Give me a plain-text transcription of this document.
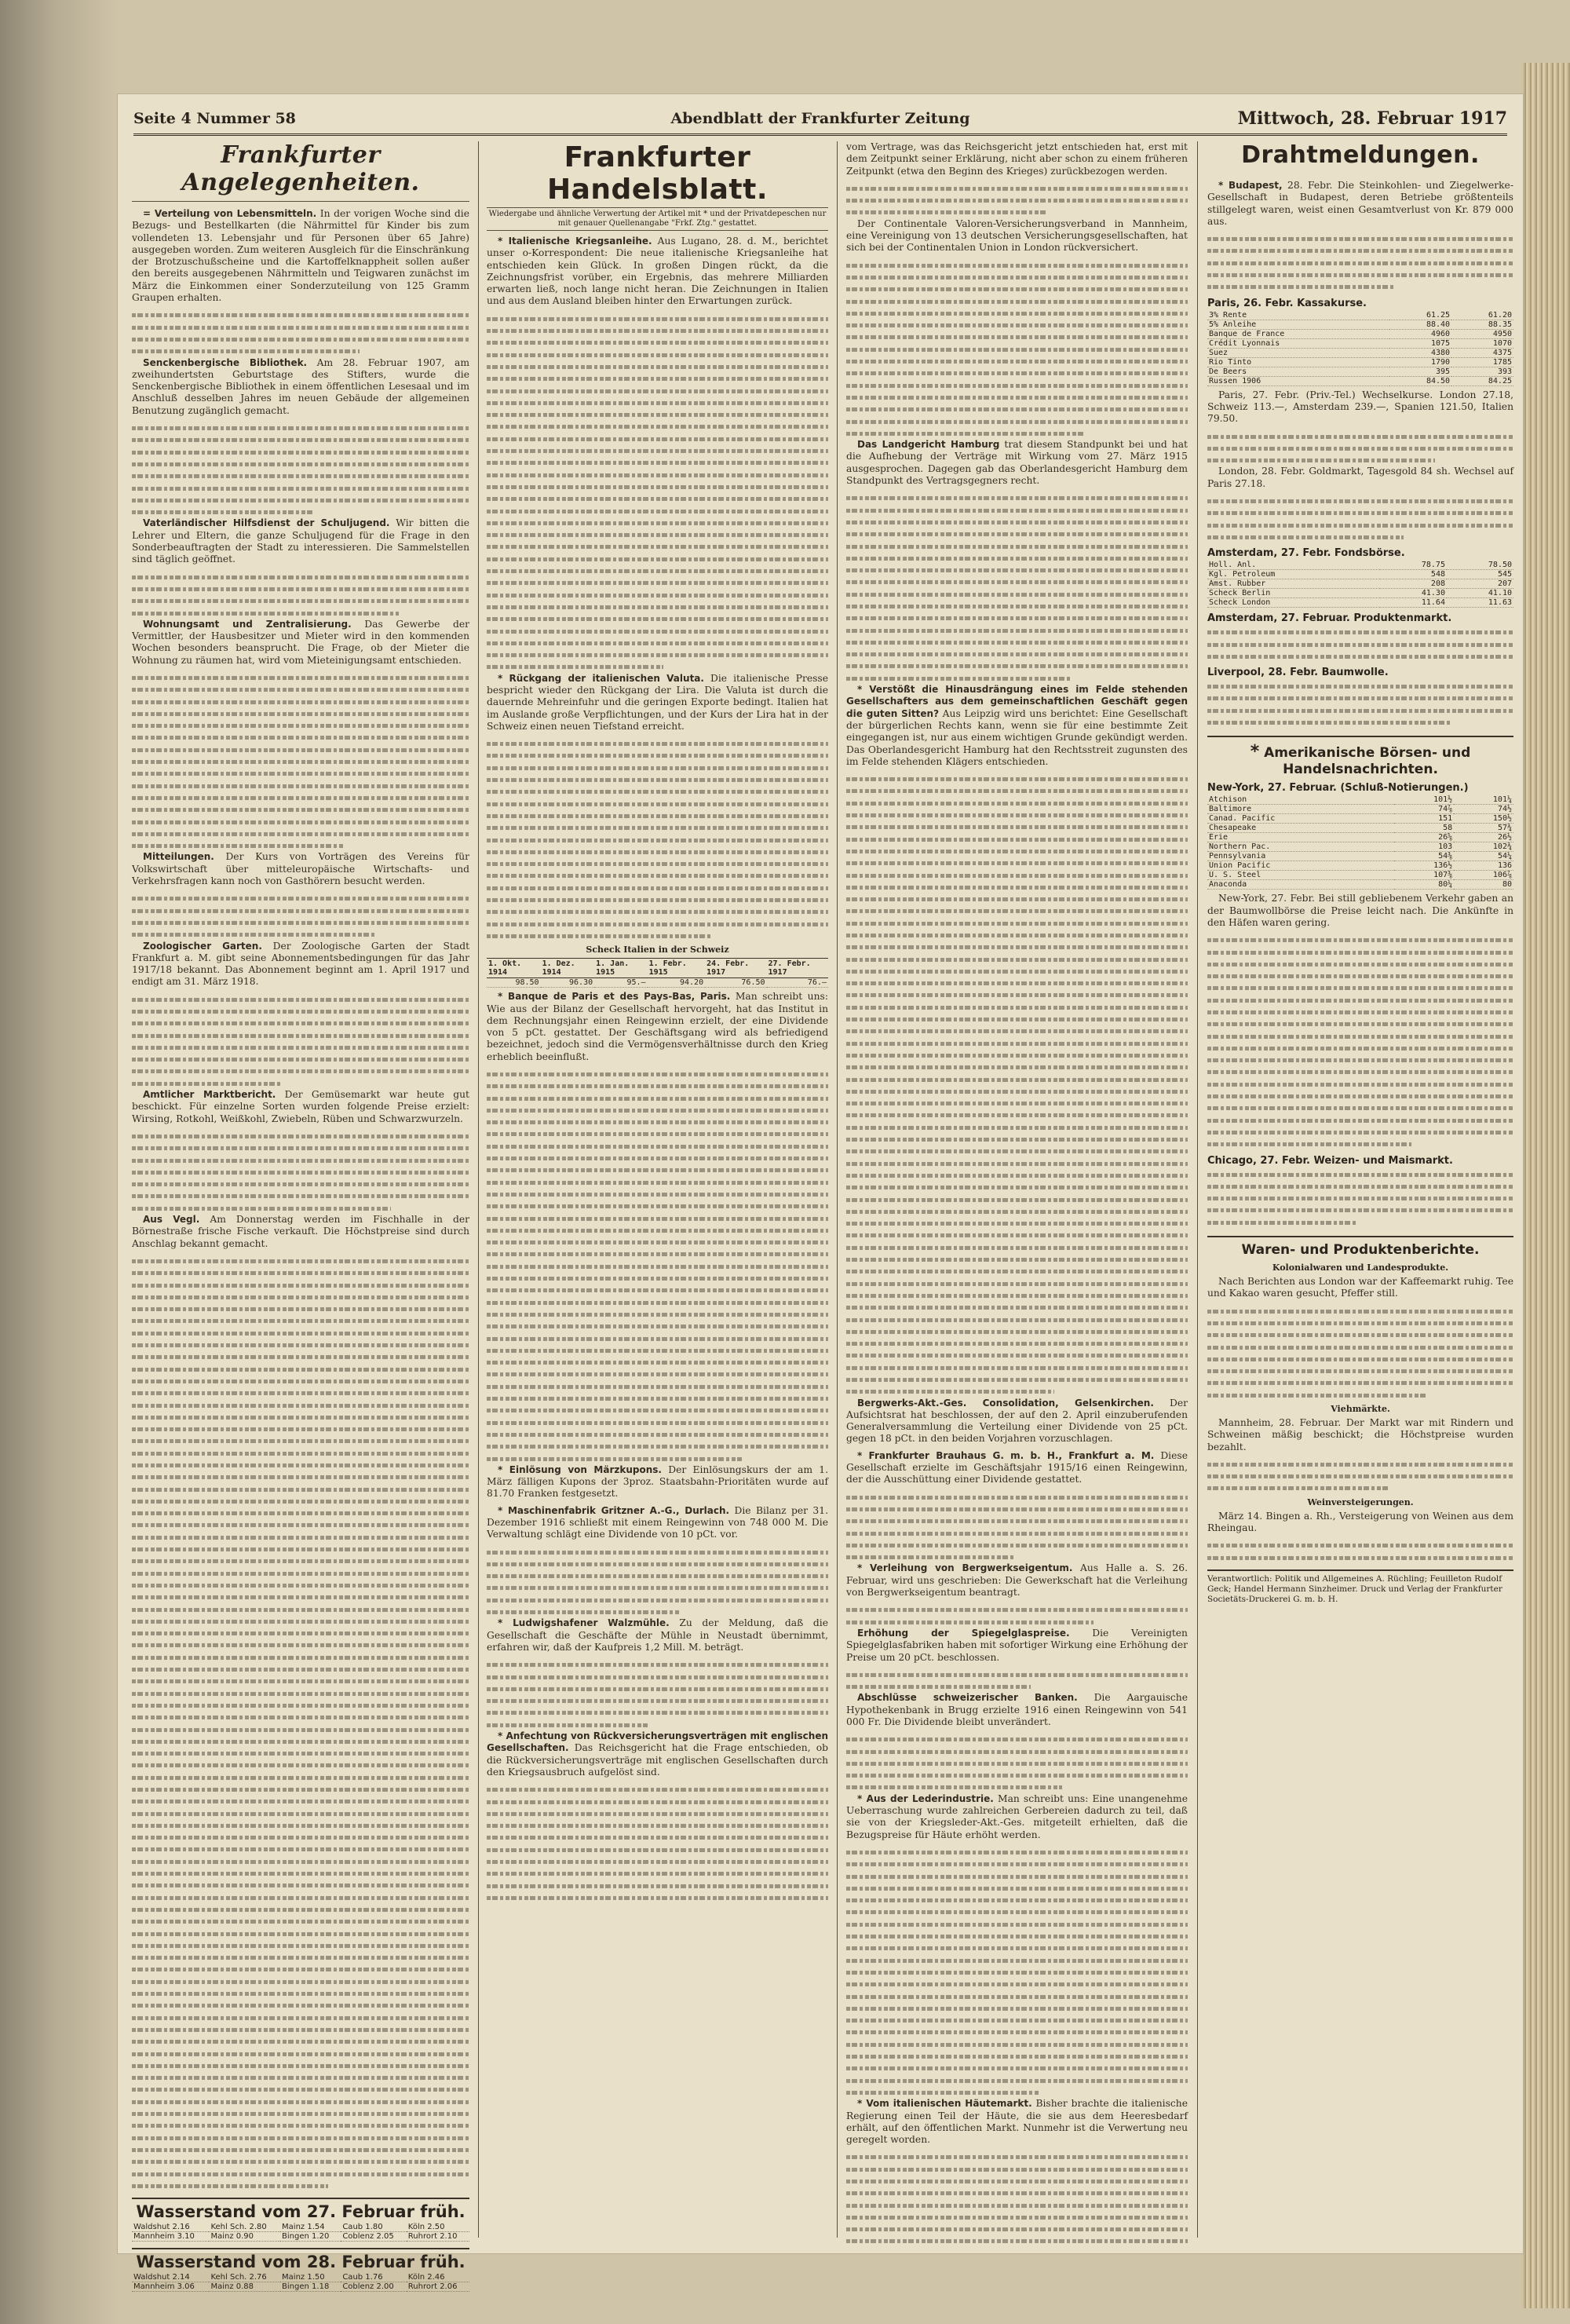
Seite 4 Nummer 58	Abendblatt der Frankfurter Zeitung	Mittwoch, 28. Februar 1917
Frankfurter Angelegenheiten.

= Verteilung von Lebensmitteln. In der vorigen Woche sind die Bezugs- und Bestellkarten (die Nährmittel für Kinder bis zum vollendeten 13. Lebensjahr und für Personen über 65 Jahre) ausgegeben worden. Zum weiteren Ausgleich für die Einschränkung der Brotzuschußscheine und die Kartoffelknappheit sollen außer den bereits ausgegebenen Nährmitteln und Teigwaren zunächst im März die Einkommen einer Sonderzuteilung von 125 Gramm Graupen erhalten.

Senckenbergische Bibliothek. Am 28. Februar 1907, am zweihundertsten Geburtstage des Stifters, wurde die Senckenbergische Bibliothek in einem öffentlichen Lesesaal und im Anschluß desselben Jahres im neuen Gebäude der allgemeinen Benutzung zugänglich gemacht.

Vaterländischer Hilfsdienst der Schuljugend. Wir bitten die Lehrer und Eltern, die ganze Schuljugend für die Frage in den Sonderbeauftragten der Stadt zu interessieren. Die Sammelstellen sind täglich geöffnet.

Wohnungsamt und Zentralisierung. Das Gewerbe der Vermittler, der Hausbesitzer und Mieter wird in den kommenden Wochen besonders beansprucht. Die Frage, ob der Mieter die Wohnung zu räumen hat, wird vom Mieteinigungsamt entschieden.

Mitteilungen. Der Kurs von Vorträgen des Vereins für Volkswirtschaft über mitteleuropäische Wirtschafts- und Verkehrsfragen kann noch von Gasthörern besucht werden.

Zoologischer Garten. Der Zoologische Garten der Stadt Frankfurt a. M. gibt seine Abonnementsbedingungen für das Jahr 1917/18 bekannt. Das Abonnement beginnt am 1. April 1917 und endigt am 31. März 1918.

Amtlicher Marktbericht. Der Gemüsemarkt war heute gut beschickt. Für einzelne Sorten wurden folgende Preise erzielt: Wirsing, Rotkohl, Weißkohl, Zwiebeln, Rüben und Schwarzwurzeln.

Aus Vegl. Am Donnerstag werden im Fischhalle in der Börnestraße frische Fische verkauft. Die Höchstpreise sind durch Anschlag bekannt gemacht.

Wasserstand vom 27. Februar früh.
Waldshut 2.16	Kehl Sch. 2.80	Mainz 1.54	Caub 1.80	Köln 2.50
Mannheim 3.10	Mainz 0.90	Bingen 1.20	Coblenz 2.05	Ruhrort 2.10
Wasserstand vom 28. Februar früh.
Waldshut 2.14	Kehl Sch. 2.76	Mainz 1.50	Caub 1.76	Köln 2.46
Mannheim 3.06	Mainz 0.88	Bingen 1.18	Coblenz 2.00	Ruhrort 2.06
Frankfurter Handelsblatt.
Wiedergabe und ähnliche Verwertung der Artikel mit * und der Privatdepeschen nur mit genauer Quellenangabe "Frkf. Ztg." gestattet.

* Italienische Kriegsanleihe. Aus Lugano, 28. d. M., berichtet unser o-Korrespondent: Die neue italienische Kriegsanleihe hat entschieden kein Glück. In großen Dingen rückt, da die Zeichnungsfrist vorüber, ein Ergebnis, das mehrere Milliarden erwarten ließ, noch lange nicht heran. Die Zeichnungen in Italien und aus dem Ausland bleiben hinter den Erwartungen zurück.

* Rückgang der italienischen Valuta. Die italienische Presse bespricht wieder den Rückgang der Lira. Die Valuta ist durch die dauernde Mehreinfuhr und die geringen Exporte bedingt. Italien hat im Auslande große Verpflichtungen, und der Kurs der Lira hat in der Schweiz einen neuen Tiefstand erreicht.

Scheck Italien in der Schweiz
1. Okt. 1914	1. Dez. 1914	1. Jan. 1915	1. Febr. 1915	24. Febr. 1917	27. Febr. 1917
98.50	96.30	95.—	94.20	76.50	76.—

* Banque de Paris et des Pays-Bas, Paris. Man schreibt uns: Wie aus der Bilanz der Gesellschaft hervorgeht, hat das Institut in dem Rechnungsjahr einen Reingewinn erzielt, der eine Dividende von 5 pCt. gestattet. Der Geschäftsgang wird als befriedigend bezeichnet, jedoch sind die Vermögensverhältnisse durch den Krieg erheblich beeinflußt.

* Einlösung von Märzkupons. Der Einlösungskurs der am 1. März fälligen Kupons der 3proz. Staatsbahn-Prioritäten wurde auf 81.70 Franken festgesetzt.

* Maschinenfabrik Gritzner A.-G., Durlach. Die Bilanz per 31. Dezember 1916 schließt mit einem Reingewinn von 748 000 M. Die Verwaltung schlägt eine Dividende von 10 pCt. vor.

* Ludwigshafener Walzmühle. Zu der Meldung, daß die Gesellschaft die Geschäfte der Mühle in Neustadt übernimmt, erfahren wir, daß der Kaufpreis 1,2 Mill. M. beträgt.

* Anfechtung von Rückversicherungsverträgen mit englischen Gesellschaften. Das Reichsgericht hat die Frage entschieden, ob die Rückversicherungsverträge mit englischen Gesellschaften durch den Kriegsausbruch aufgelöst sind.

vom Vertrage, was das Reichsgericht jetzt entschieden hat, erst mit dem Zeitpunkt seiner Erklärung, nicht aber schon zu einem früheren Zeitpunkt (etwa den Beginn des Krieges) zurückbezogen werden.

Der Continentale Valoren-Versicherungsverband in Mannheim, eine Vereinigung von 13 deutschen Versicherungsgesellschaften, hat sich bei der Continentalen Union in London rückversichert.

Das Landgericht Hamburg trat diesem Standpunkt bei und hat die Aufhebung der Verträge mit Wirkung vom 27. März 1915 ausgesprochen. Dagegen gab das Oberlandesgericht Hamburg dem Standpunkt des Vertragsgegners recht.

* Verstößt die Hinausdrängung eines im Felde stehenden Gesellschafters aus dem gemeinschaftlichen Geschäft gegen die guten Sitten? Aus Leipzig wird uns berichtet: Eine Gesellschaft der bürgerlichen Rechts kann, wenn sie für eine bestimmte Zeit eingegangen ist, nur aus einem wichtigen Grunde gekündigt werden. Das Oberlandesgericht Hamburg hat den Rechtsstreit zugunsten des im Felde stehenden Klägers entschieden.

Bergwerks-Akt.-Ges. Consolidation, Gelsenkirchen. Der Aufsichtsrat hat beschlossen, der auf den 2. April einzuberufenden Generalversammlung die Verteilung einer Dividende von 25 pCt. gegen 18 pCt. in den beiden Vorjahren vorzuschlagen.

* Frankfurter Brauhaus G. m. b. H., Frankfurt a. M. Diese Gesellschaft erzielte im Geschäftsjahr 1915/16 einen Reingewinn, der die Ausschüttung einer Dividende gestattet.

* Verleihung von Bergwerkseigentum. Aus Halle a. S. 26. Februar, wird uns geschrieben: Die Gewerkschaft hat die Verleihung von Bergwerkseigentum beantragt.

Erhöhung der Spiegelglaspreise. Die Vereinigten Spiegelglasfabriken haben mit sofortiger Wirkung eine Erhöhung der Preise um 20 pCt. beschlossen.

Abschlüsse schweizerischer Banken. Die Aargauische Hypothekenbank in Brugg erzielte 1916 einen Reingewinn von 541 000 Fr. Die Dividende bleibt unverändert.

* Aus der Lederindustrie. Man schreibt uns: Eine unangenehme Ueberraschung wurde zahlreichen Gerbereien dadurch zu teil, daß sie von der Kriegsleder-Akt.-Ges. mitgeteilt erhielten, daß die Bezugspreise für Häute erhöht werden.

* Vom italienischen Häutemarkt. Bisher brachte die italienische Regierung einen Teil der Häute, die sie aus dem Heeresbedarf erhält, auf den öffentlichen Markt. Nunmehr ist die Verwertung neu geregelt worden.

Drahtmeldungen.

* Budapest, 28. Febr. Die Steinkohlen- und Ziegelwerke-Gesellschaft in Budapest, deren Betriebe größtenteils stillgelegt waren, weist einen Gesamtverlust von Kr. 879 000 aus.

Paris, 26. Febr. Kassakurse.
3% Rente	61.25	61.20
5% Anleihe	88.40	88.35
Banque de France	4960	4950
Crédit Lyonnais	1075	1070
Suez	4380	4375
Rio Tinto	1790	1785
De Beers	395	393
Russen 1906	84.50	84.25

Paris, 27. Febr. (Priv.-Tel.) Wechselkurse. London 27.18, Schweiz 113.—, Amsterdam 239.—, Spanien 121.50, Italien 79.50.

London, 28. Febr. Goldmarkt, Tagesgold 84 sh. Wechsel auf Paris 27.18.

Amsterdam, 27. Febr. Fondsbörse.
Holl. Anl.	78.75	78.50
Kgl. Petroleum	548	545
Amst. Rubber	208	207
Scheck Berlin	41.30	41.10
Scheck London	11.64	11.63
Amsterdam, 27. Februar. Produktenmarkt.
Liverpool, 28. Febr. Baumwolle.
* Amerikanische Börsen- und Handelsnachrichten.
New-York, 27. Februar. (Schluß-Notierungen.)
Atchison	101½	101¼
Baltimore	74⅞	74½
Canad. Pacific	151	150½
Chesapeake	58	57¾
Erie	26⅝	26½
Northern Pac.	103	102¾
Pennsylvania	54⅜	54¼
Union Pacific	136½	136
U. S. Steel	107⅜	106⅞
Anaconda	80¼	80

New-York, 27. Febr. Bei still gebliebenem Verkehr gaben an der Baumwollbörse die Preise leicht nach. Die Ankünfte in den Häfen waren gering.

Chicago, 27. Febr. Weizen- und Maismarkt.
Waren- und Produktenberichte.
Kolonialwaren und Landesprodukte.

Nach Berichten aus London war der Kaffeemarkt ruhig. Tee und Kakao waren gesucht, Pfeffer still.

Viehmärkte.

Mannheim, 28. Februar. Der Markt war mit Rindern und Schweinen mäßig beschickt; die Höchstpreise wurden bezahlt.

Weinversteigerungen.

März 14. Bingen a. Rh., Versteigerung von Weinen aus dem Rheingau.

Verantwortlich: Politik und Allgemeines A. Rüchling; Feuilleton Rudolf Geck; Handel Hermann Sinzheimer. Druck und Verlag der Frankfurter Societäts-Druckerei G. m. b. H.
